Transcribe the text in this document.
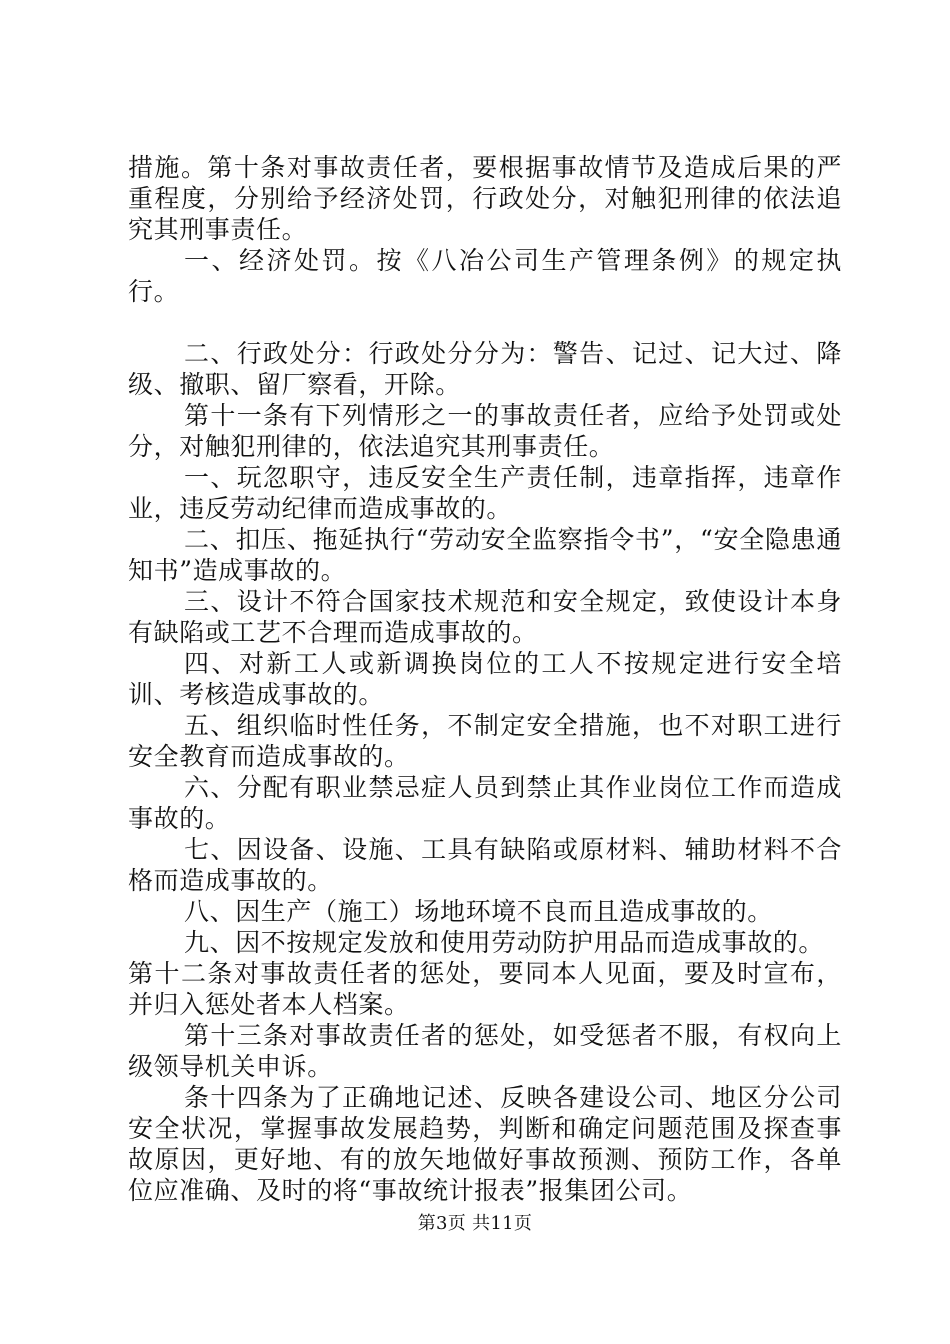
措施。第十条对事故责任者，要根据事故情节及造成后果的严重程度，分别给予经济处罚，行政处分，对触犯刑律的依法追究其刑事责任。

一、经济处罚。按《八冶公司生产管理条例》的规定执行。

二、行政处分：行政处分分为：警告、记过、记大过、降级、撤职、留厂察看，开除。

第十一条有下列情形之一的事故责任者，应给予处罚或处分，对触犯刑律的，依法追究其刑事责任。

一、玩忽职守，违反安全生产责任制，违章指挥，违章作业，违反劳动纪律而造成事故的。

二、扣压、拖延执行“劳动安全监察指令书”，“安全隐患通知书”造成事故的。

三、设计不符合国家技术规范和安全规定，致使设计本身有缺陷或工艺不合理而造成事故的。

四、对新工人或新调换岗位的工人不按规定进行安全培训、考核造成事故的。

五、组织临时性任务，不制定安全措施，也不对职工进行安全教育而造成事故的。

六、分配有职业禁忌症人员到禁止其作业岗位工作而造成事故的。

七、因设备、设施、工具有缺陷或原材料、辅助材料不合格而造成事故的。

八、因生产（施工）场地环境不良而且造成事故的。

九、因不按规定发放和使用劳动防护用品而造成事故的。

第十二条对事故责任者的惩处，要同本人见面，要及时宣布，并归入惩处者本人档案。

第十三条对事故责任者的惩处，如受惩者不服，有权向上级领导机关申诉。

条十四条为了正确地记述、反映各建设公司、地区分公司安全状况，掌握事故发展趋势，判断和确定问题范围及探查事故原因，更好地、有的放矢地做好事故预测、预防工作，各单位应准确、及时的将“事故统计报表”报集团公司。

第3页 共11页
